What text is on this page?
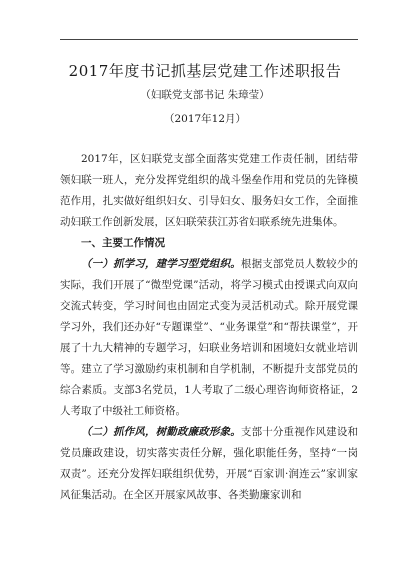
2017年度书记抓基层党建工作述职报告
（妇联党支部书记 朱璋莹）
（2017年12月）

2017年，区妇联党支部全面落实党建工作责任制，团结带领妇联一班人，充分发挥党组织的战斗堡垒作用和党员的先锋模范作用，扎实做好组织妇女、引导妇女、服务妇女工作，全面推动妇联工作创新发展，区妇联荣获江苏省妇联系统先进集体。

一、主要工作情况

（一）抓学习，建学习型党组织。根据支部党员人数较少的实际，我们开展了“微型党课”活动，将学习模式由授课式向双向交流式转变，学习时间也由固定式变为灵活机动式。除开展党课学习外，我们还办好“专题课堂”、“业务课堂”和“帮扶课堂”，开展了十九大精神的专题学习，妇联业务培训和困境妇女就业培训等。建立了学习激励约束机制和自学机制，不断提升支部党员的综合素质。支部3名党员，1人考取了二级心理咨询师资格证，2人考取了中级社工师资格。

（二）抓作风，树勤政廉政形象。支部十分重视作风建设和党员廉政建设，切实落实责任分解，强化职能任务，坚持“一岗双责”。还充分发挥妇联组织优势，开展“百家训·润连云”家训家风征集活动。在全区开展家风故事、各类勤廉家训和
